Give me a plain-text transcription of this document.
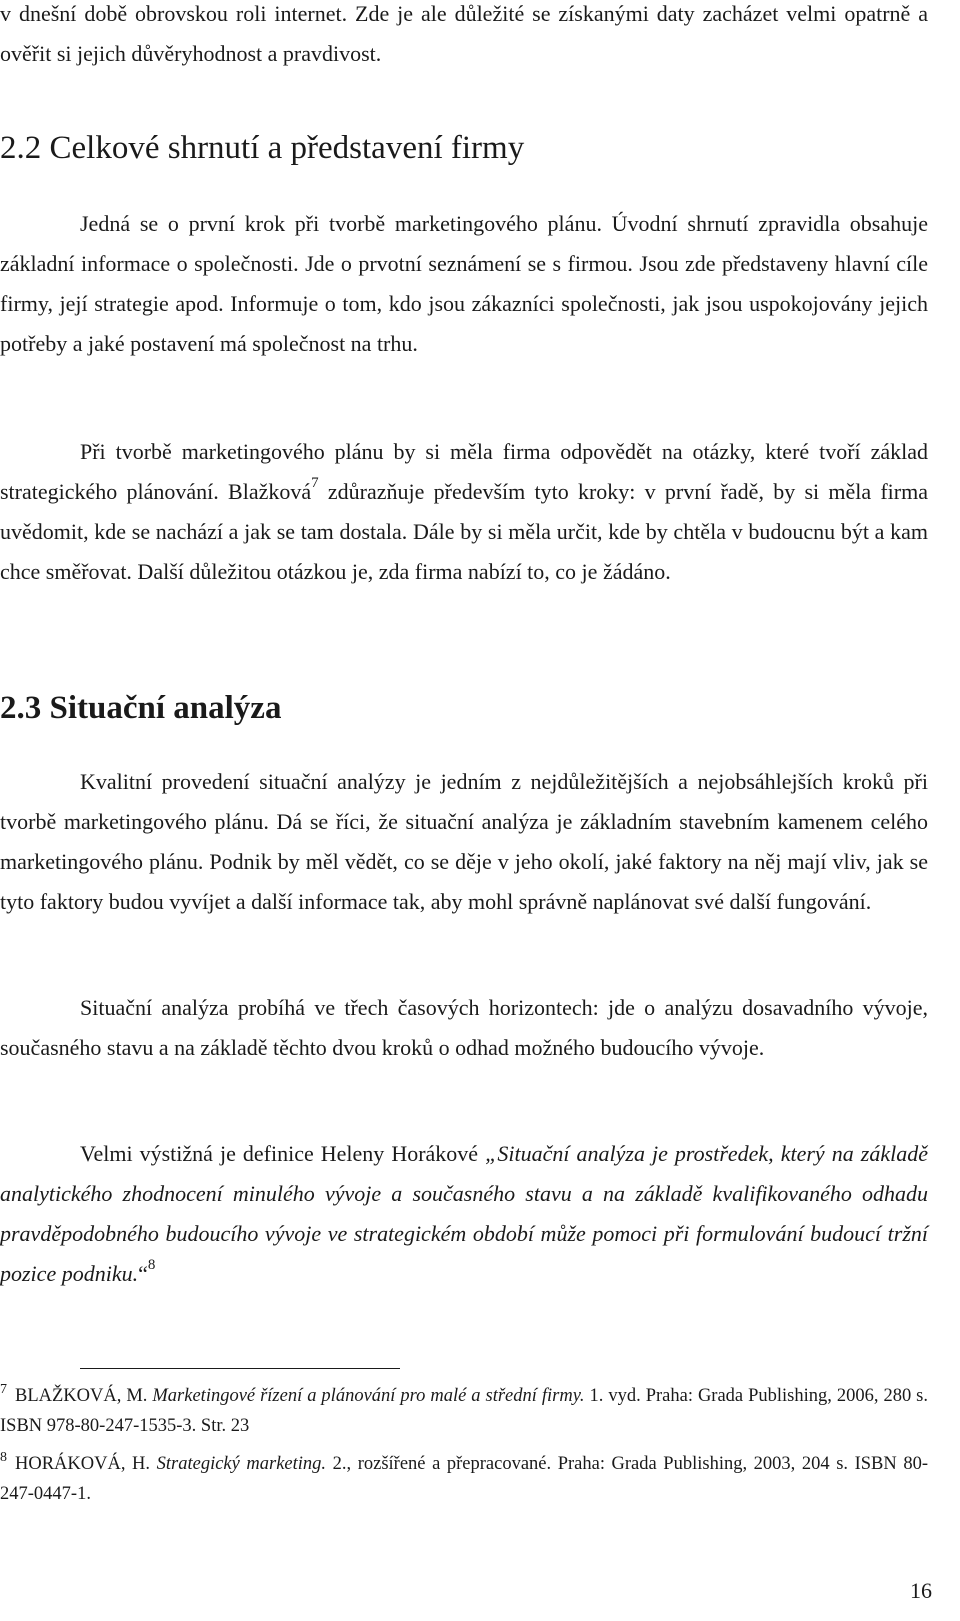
v dnešní době obrovskou roli internet. Zde je ale důležité se získanými daty zacházet velmi opatrně a ověřit si jejich důvěryhodnost a pravdivost.

2.2 Celkové shrnutí a představení firmy

Jedná se o první krok při tvorbě marketingového plánu. Úvodní shrnutí zpravidla obsahuje základní informace o společnosti. Jde o prvotní seznámení se s firmou. Jsou zde představeny hlavní cíle firmy, její strategie apod. Informuje o tom, kdo jsou zákazníci společnosti, jak jsou uspokojovány jejich potřeby a jaké postavení má společnost na trhu.

Při tvorbě marketingového plánu by si měla firma odpovědět na otázky, které tvoří základ strategického plánování. Blažková$^7$ zdůrazňuje především tyto kroky: v první řadě, by si měla firma uvědomit, kde se nachází a jak se tam dostala. Dále by si měla určit, kde by chtěla v budoucnu být a kam chce směřovat. Další důležitou otázkou je, zda firma nabízí to, co je žádáno.

2.3 Situační analýza

Kvalitní provedení situační analýzy je jedním z nejdůležitějších a nejobsáhlejších kroků při tvorbě marketingového plánu. Dá se říci, že situační analýza je základním stavebním kamenem celého marketingového plánu. Podnik by měl vědět, co se děje v jeho okolí, jaké faktory na něj mají vliv, jak se tyto faktory budou vyvíjet a další informace tak, aby mohl správně naplánovat své další fungování.

Situační analýza probíhá ve třech časových horizontech: jde o analýzu dosavadního vývoje, současného stavu a na základě těchto dvou kroků o odhad možného budoucího vývoje.

Velmi výstižná je definice Heleny Horákové „Situační analýza je prostředek, který na základě analytického zhodnocení minulého vývoje a současného stavu a na základě kvalifikovaného odhadu pravděpodobného budoucího vývoje ve strategickém období může pomoci při formulování budoucí tržní pozice podniku.“$^8$

$^7$ BLAŽKOVÁ, M. Marketingové řízení a plánování pro malé a střední firmy. 1. vyd. Praha: Grada Publishing, 2006, 280 s. ISBN 978-80-247-1535-3. Str. 23

$^8$ HORÁKOVÁ, H. Strategický marketing. 2., rozšířené a přepracované. Praha: Grada Publishing, 2003, 204 s. ISBN 80-247-0447-1.

16
